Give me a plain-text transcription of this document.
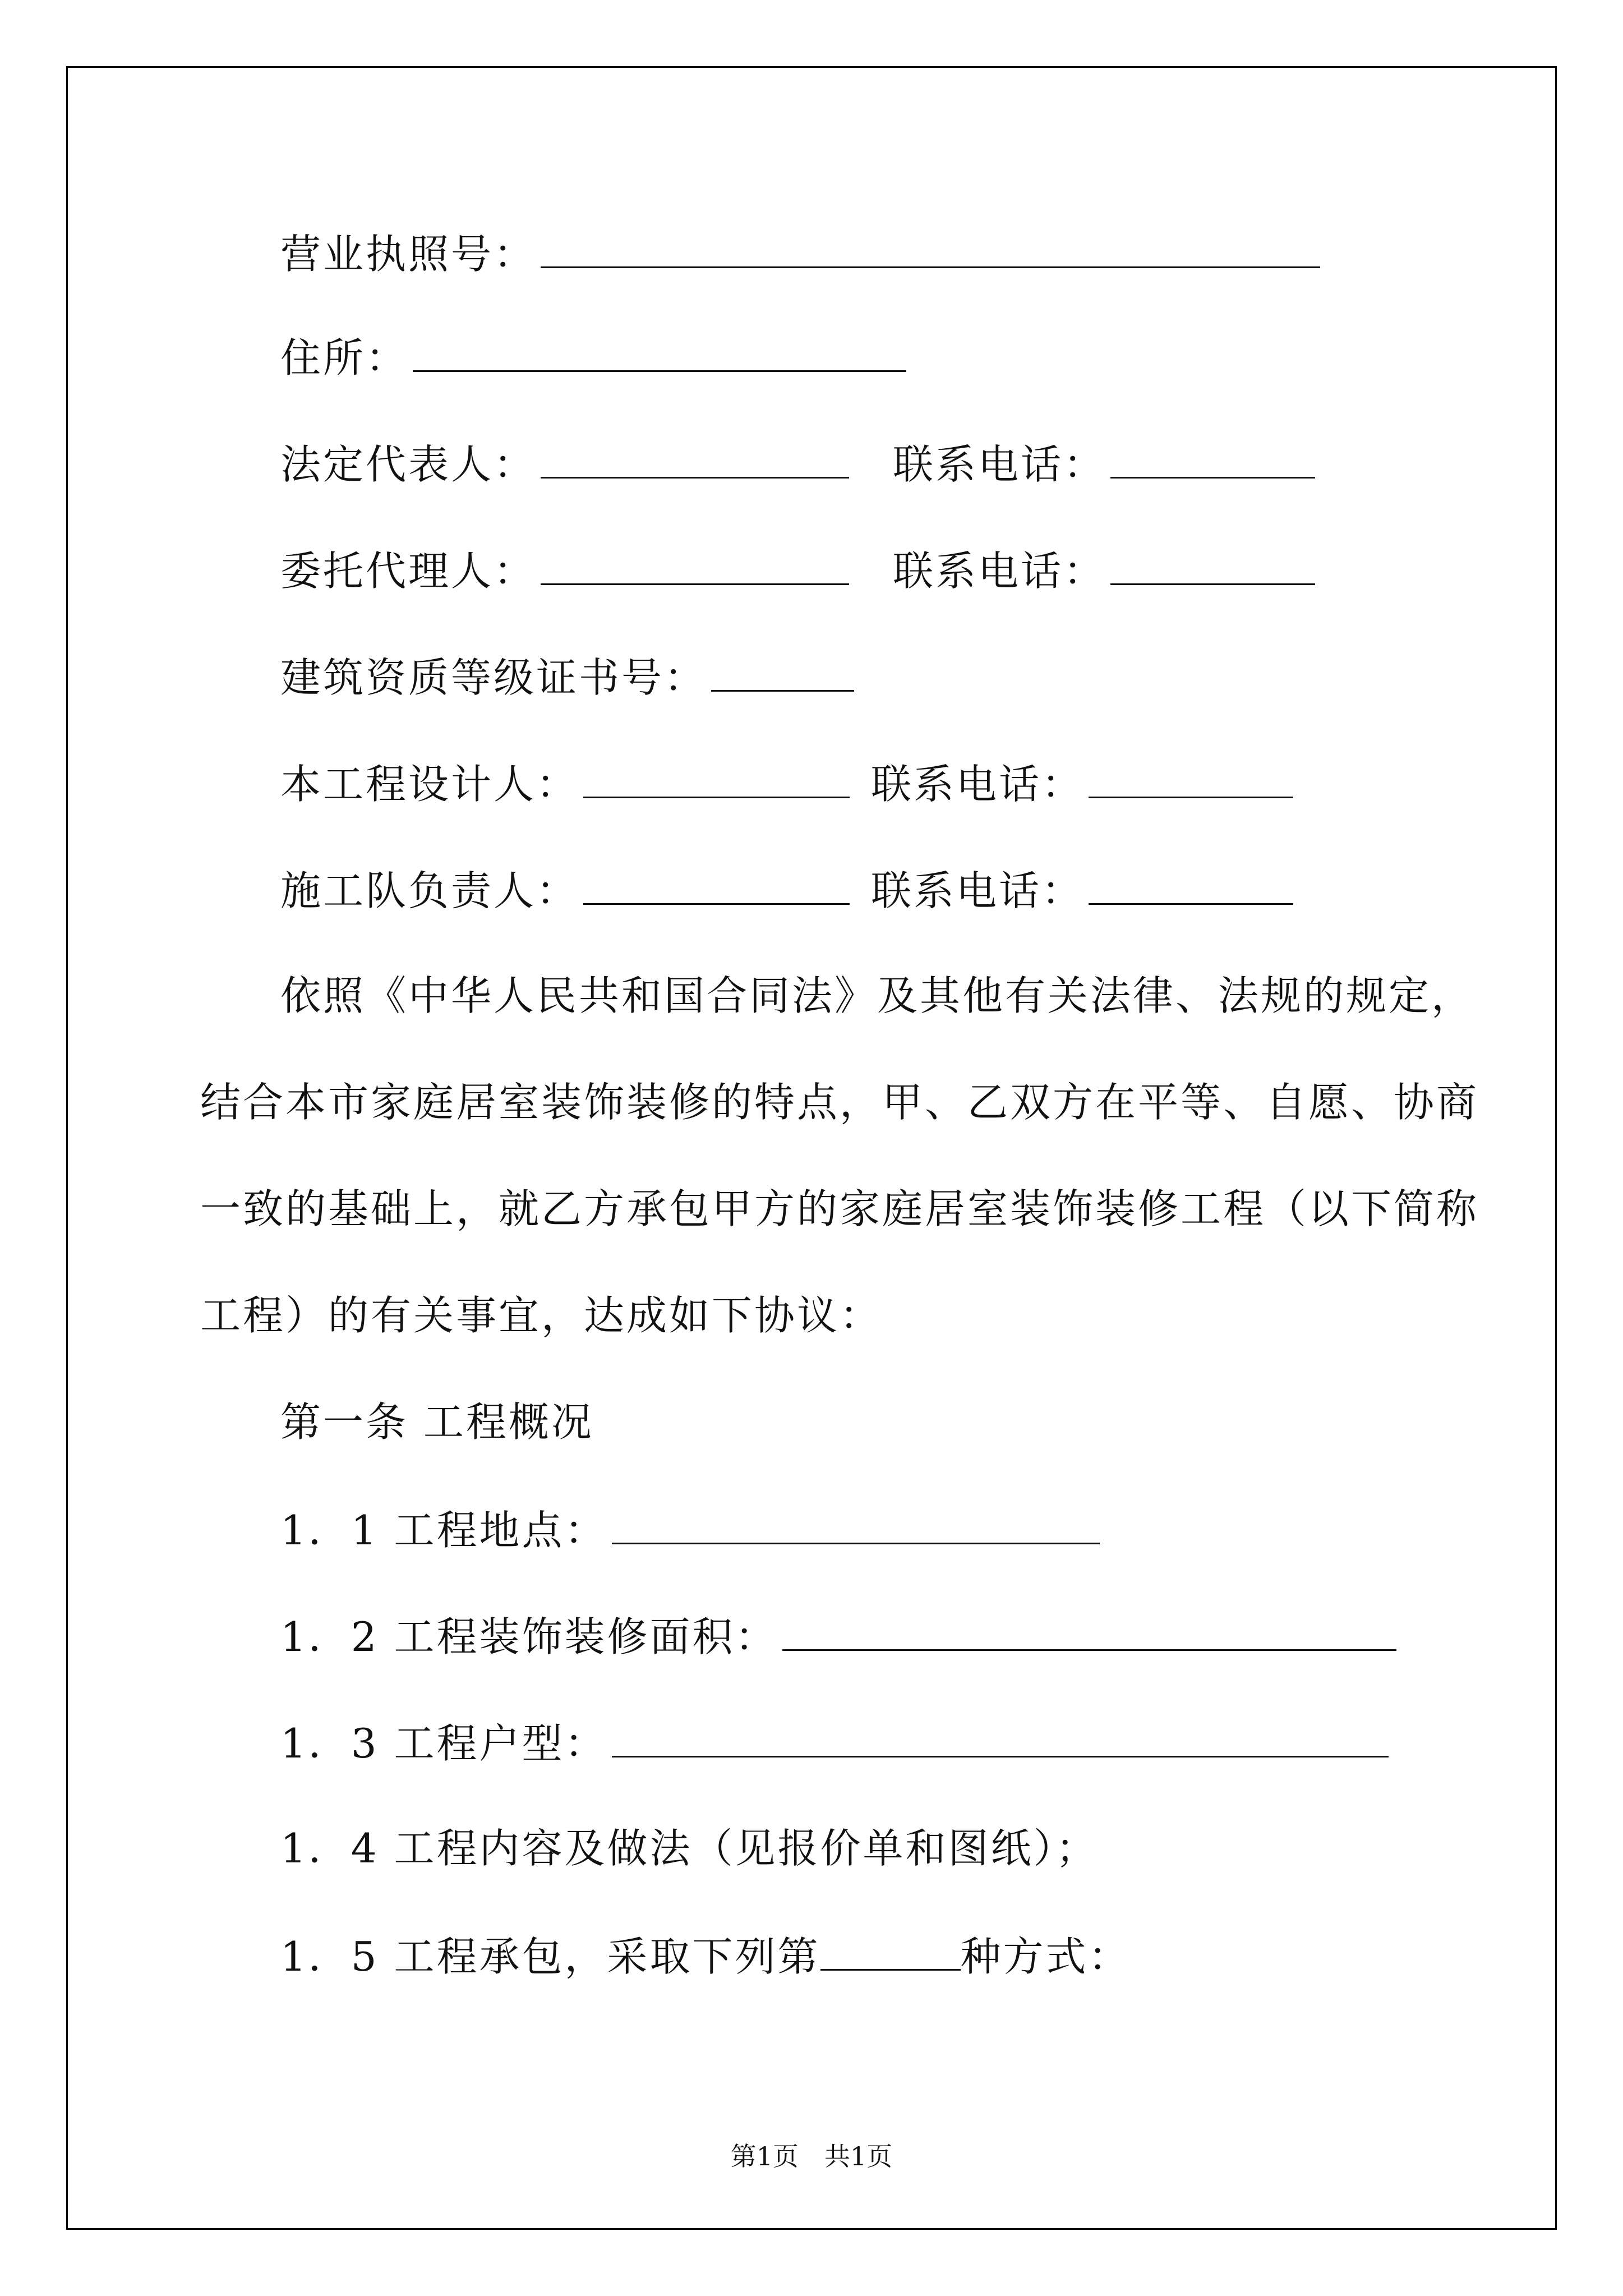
营业执照号：
住所：
法定代表人：	联系电话：
委托代理人：	联系电话：
建筑资质等级证书号：
本工程设计人：	联系电话：
施工队负责人：	联系电话：
依照《中华人民共和国合同法》及其他有关法律、法规的规定，
结合本市家庭居室装饰装修的特点，甲、乙双方在平等、自愿、协商
一致的基础上，就乙方承包甲方的家庭居室装饰装修工程（以下简称
工程）的有关事宜，达成如下协议：
第一条 工程概况
1．1 工程地点：
1．2 工程装饰装修面积：
1．3 工程户型：
1．4 工程内容及做法（见报价单和图纸）；
1．5 工程承包，采取下列第	种方式：
第1页　共1页
